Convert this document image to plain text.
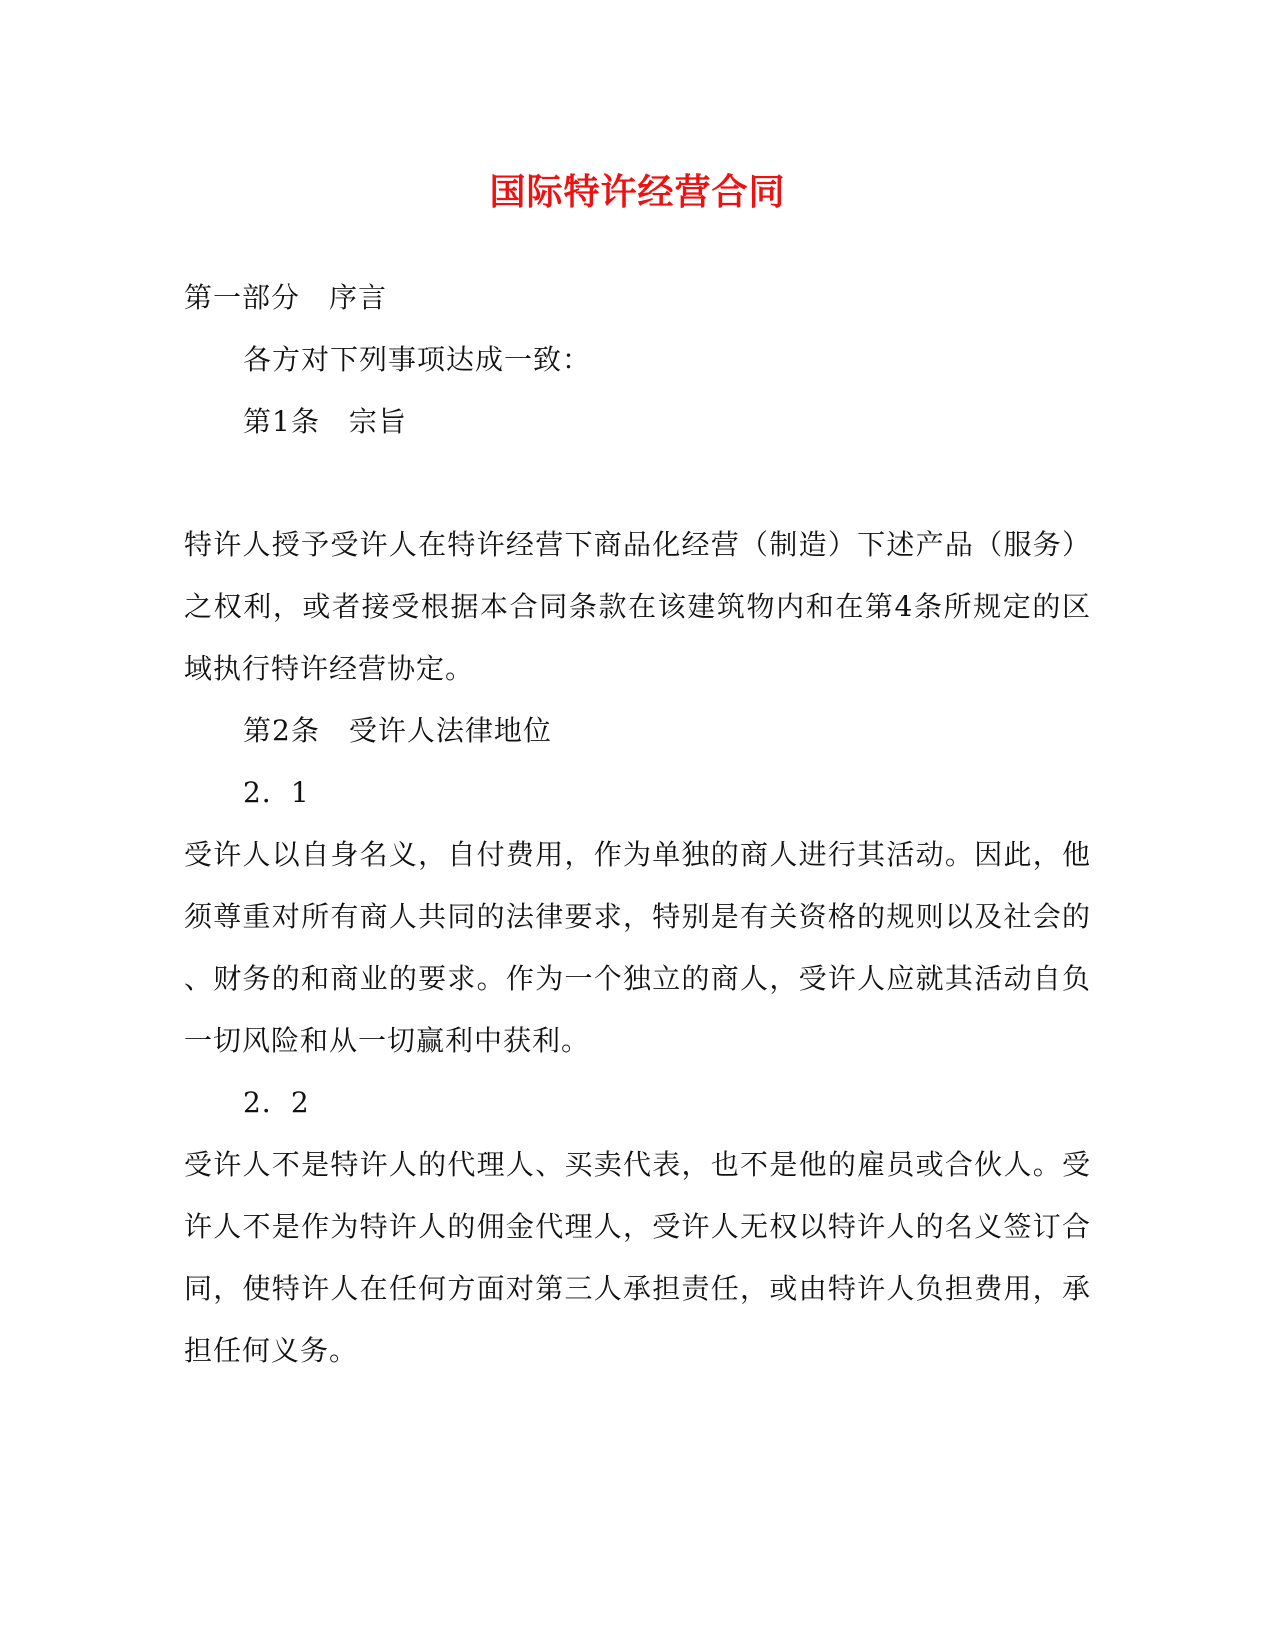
国际特许经营合同
第一部分　序言
各方对下列事项达成一致：
第1条　宗旨
特许人授予受许人在特许经营下商品化经营（制造）下述产品（服务）
之权利，或者接受根据本合同条款在该建筑物内和在第4条所规定的区
域执行特许经营协定。
第2条　受许人法律地位
2．1
受许人以自身名义，自付费用，作为单独的商人进行其活动。因此，他
须尊重对所有商人共同的法律要求，特别是有关资格的规则以及社会的
、财务的和商业的要求。作为一个独立的商人，受许人应就其活动自负
一切风险和从一切赢利中获利。
2．2
受许人不是特许人的代理人、买卖代表，也不是他的雇员或合伙人。受
许人不是作为特许人的佣金代理人，受许人无权以特许人的名义签订合
同，使特许人在任何方面对第三人承担责任，或由特许人负担费用，承
担任何义务。
